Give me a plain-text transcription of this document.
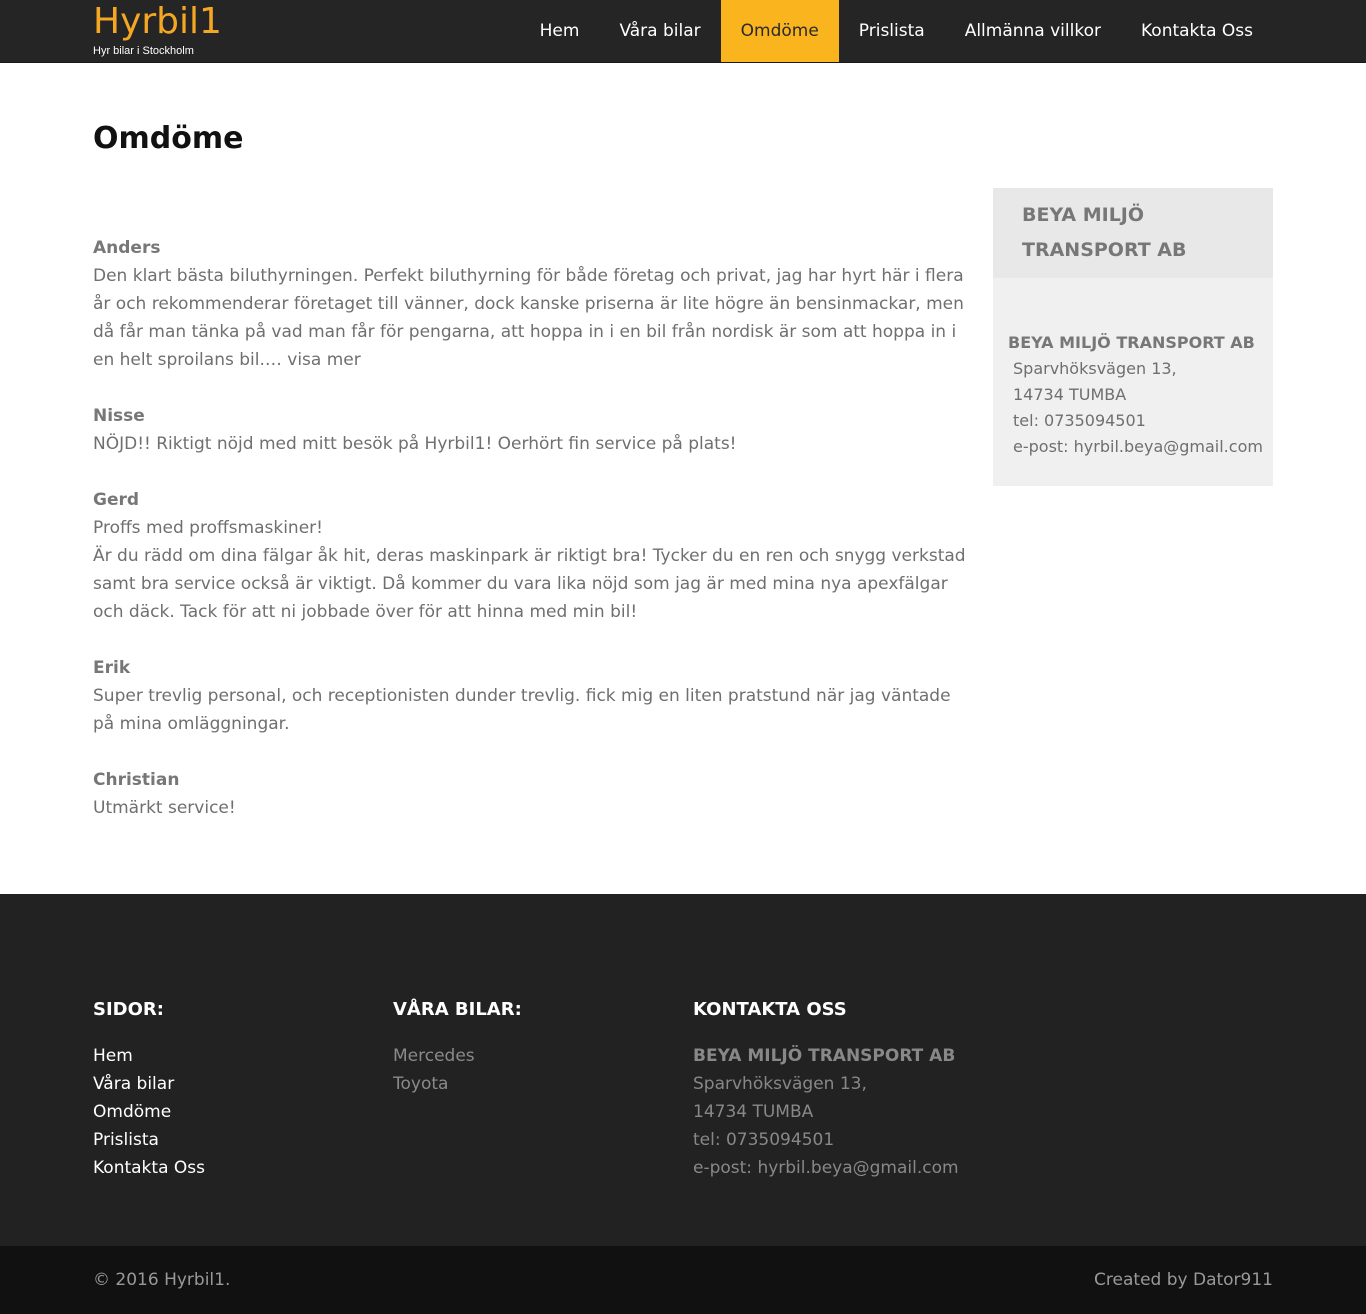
Hyrbil1
Hyr bilar i Stockholm
Hem	Våra bilar	Omdöme	Prislista	Allmänna villkor	Kontakta Oss
Omdöme
Anders
Den klart bästa biluthyrningen. Perfekt biluthyrning för både företag och privat, jag har hyrt här i flera år och rekommenderar företaget till vänner, dock kanske priserna är lite högre än bensinmackar, men då får man tänka på vad man får för pengarna, att hoppa in i en bil från nordisk är som att hoppa in i en helt sproilans bil.… visa mer
Nisse
NÖJD!! Riktigt nöjd med mitt besök på Hyrbil1! Oerhört fin service på plats!
Gerd
Proffs med proffsmaskiner!
Är du rädd om dina fälgar åk hit, deras maskinpark är riktigt bra! Tycker du en ren och snygg verkstad samt bra service också är viktigt. Då kommer du vara lika nöjd som jag är med mina nya apexfälgar och däck. Tack för att ni jobbade över för att hinna med min bil!
Erik
Super trevlig personal, och receptionisten dunder trevlig. fick mig en liten pratstund när jag väntade på mina omläggningar.
Christian
Utmärkt service!
BEYA MILJÖ TRANSPORT AB
BEYA MILJÖ TRANSPORT AB
Sparvhöksvägen 13,
14734 TUMBA
tel: 0735094501
e-post: hyrbil.beya@gmail.com
SIDOR:
Hem
Våra bilar
Omdöme
Prislista
Kontakta Oss
VÅRA BILAR:
Mercedes
Toyota
KONTAKTA OSS
BEYA MILJÖ TRANSPORT AB
Sparvhöksvägen 13,
14734 TUMBA
tel: 0735094501
e-post: hyrbil.beya@gmail.com
© 2016 Hyrbil1.	Created by Dator911
